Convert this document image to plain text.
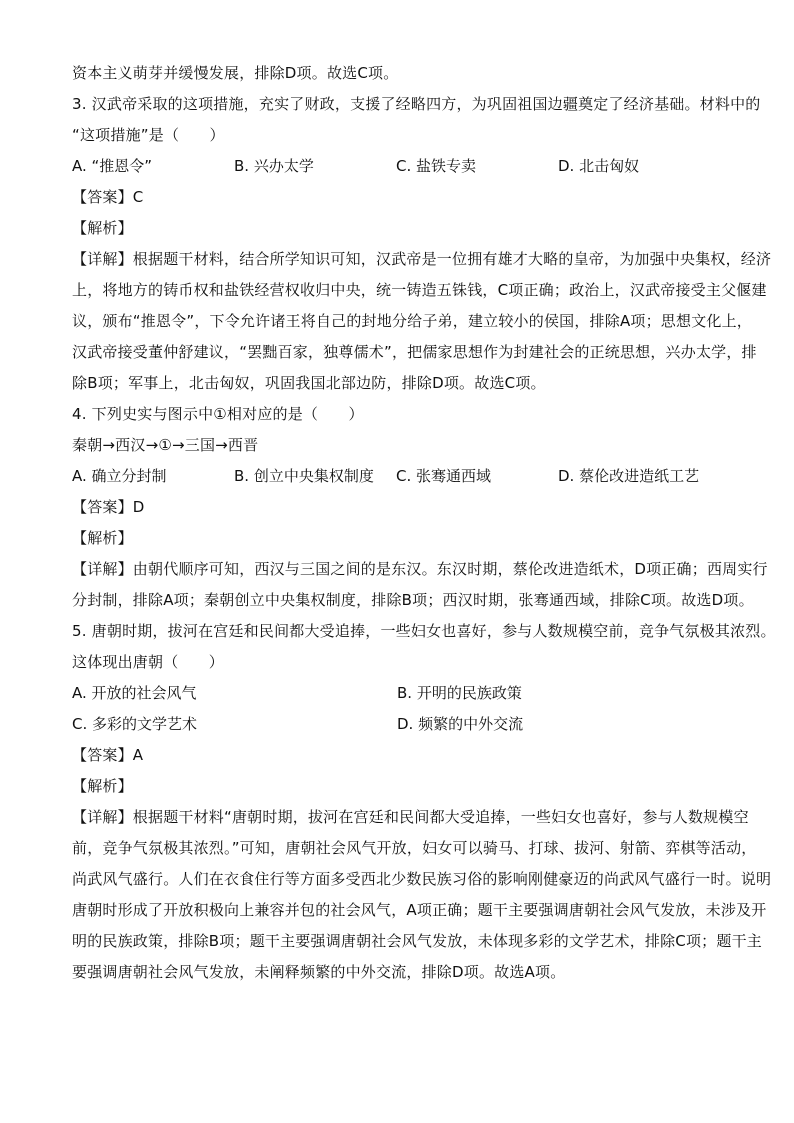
资本主义萌芽并缓慢发展，排除D项。故选C项。
3. 汉武帝采取的这项措施，充实了财政，支援了经略四方，为巩固祖国边疆奠定了经济基础。材料中的
“这项措施”是（　　）
A. “推恩令”	B. 兴办太学	C. 盐铁专卖	D. 北击匈奴
【答案】C
【解析】
【详解】根据题干材料，结合所学知识可知，汉武帝是一位拥有雄才大略的皇帝，为加强中央集权，经济
上，将地方的铸币权和盐铁经营权收归中央，统一铸造五铢钱，C项正确；政治上，汉武帝接受主父偃建
议，颁布“推恩令”，下令允许诸王将自己的封地分给子弟，建立较小的侯国，排除A项；思想文化上，
汉武帝接受董仲舒建议，“罢黜百家，独尊儒术”，把儒家思想作为封建社会的正统思想，兴办太学，排
除B项；军事上，北击匈奴，巩固我国北部边防，排除D项。故选C项。
4. 下列史实与图示中①相对应的是（　　）
秦朝→西汉→①→三国→西晋
A. 确立分封制	B. 创立中央集权制度	C. 张骞通西域	D. 蔡伦改进造纸工艺
【答案】D
【解析】
【详解】由朝代顺序可知，西汉与三国之间的是东汉。东汉时期，蔡伦改进造纸术，D项正确；西周实行
分封制，排除A项；秦朝创立中央集权制度，排除B项；西汉时期，张骞通西域，排除C项。故选D项。
5. 唐朝时期，拔河在宫廷和民间都大受追捧，一些妇女也喜好，参与人数规模空前，竞争气氛极其浓烈。
这体现出唐朝（　　）
A. 开放的社会风气	B. 开明的民族政策
C. 多彩的文学艺术	D. 频繁的中外交流
【答案】A
【解析】
【详解】根据题干材料“唐朝时期，拔河在宫廷和民间都大受追捧，一些妇女也喜好，参与人数规模空
前，竞争气氛极其浓烈。”可知，唐朝社会风气开放，妇女可以骑马、打球、拔河、射箭、弈棋等活动，
尚武风气盛行。人们在衣食住行等方面多受西北少数民族习俗的影响刚健豪迈的尚武风气盛行一时。说明
唐朝时形成了开放积极向上兼容并包的社会风气，A项正确；题干主要强调唐朝社会风气发放，未涉及开
明的民族政策，排除B项；题干主要强调唐朝社会风气发放，未体现多彩的文学艺术，排除C项；题干主
要强调唐朝社会风气发放，未阐释频繁的中外交流，排除D项。故选A项。
